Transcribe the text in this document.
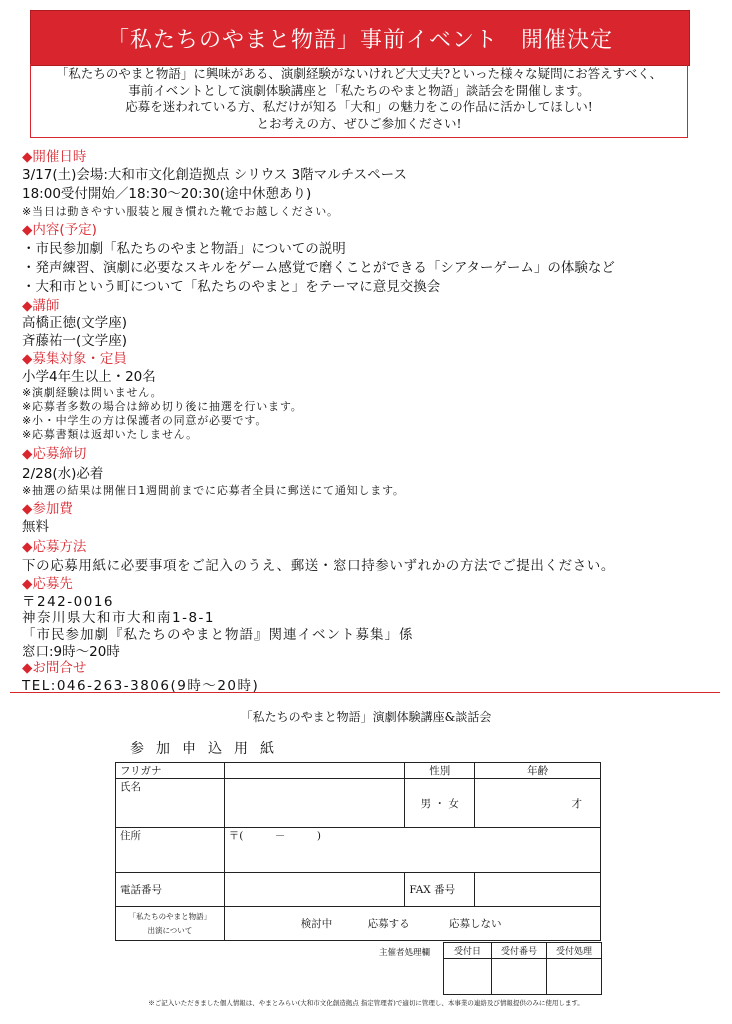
「私たちのやまと物語」事前イベント　開催決定
「私たちのやまと物語」に興味がある、演劇経験がないけれど大丈夫?といった様々な疑問にお答えすべく、
事前イベントとして演劇体験講座と「私たちのやまと物語」談話会を開催します。
応募を迷われている方、私だけが知る「大和」の魅力をこの作品に活かしてほしい!
とお考えの方、ぜひご参加ください!
◆開催日時
3/17(土)会場:大和市文化創造拠点 シリウス 3階マルチスペース
18:00受付開始／18:30～20:30(途中休憩あり)
※当日は動きやすい服装と履き慣れた靴でお越しください。
◆内容(予定)
・市民参加劇「私たちのやまと物語」についての説明
・発声練習、演劇に必要なスキルをゲーム感覚で磨くことができる「シアターゲーム」の体験など
・大和市という町について「私たちのやまと」をテーマに意見交換会
◆講師
高橋正徳(文学座)
斉藤祐一(文学座)
◆募集対象・定員
小学4年生以上・20名
※演劇経験は問いません。
※応募者多数の場合は締め切り後に抽選を行います。
※小・中学生の方は保護者の同意が必要です。
※応募書類は返却いたしません。
◆応募締切
2/28(水)必着
※抽選の結果は開催日1週間前までに応募者全員に郵送にて通知します。
◆参加費
無料
◆応募方法
下の応募用紙に必要事項をご記入のうえ、郵送・窓口持参いずれかの方法でご提出ください。
◆応募先
〒242-0016
神奈川県大和市大和南1-8-1
「市民参加劇『私たちのやまと物語』関連イベント募集」係
窓口:9時～20時
◆お問合せ
TEL:046-263-3806(9時～20時)
「私たちのやまと物語」演劇体験講座&談話会
参加申込用紙
フリガナ		性別	年齢
氏名		男 ・ 女	才
住所	〒(　　　－　　　)		
電話番号		FAX 番号	

「私たちのやまと物語」
出演について	検討中 応募する 応募しない		
主催者処理欄	受付日	受付番号	受付処理

※ご記入いただきました個人情報は、やまとみらい(大和市文化創造拠点 指定管理者)で適切に管理し、本事業の連絡及び情報提供のみに使用します。
